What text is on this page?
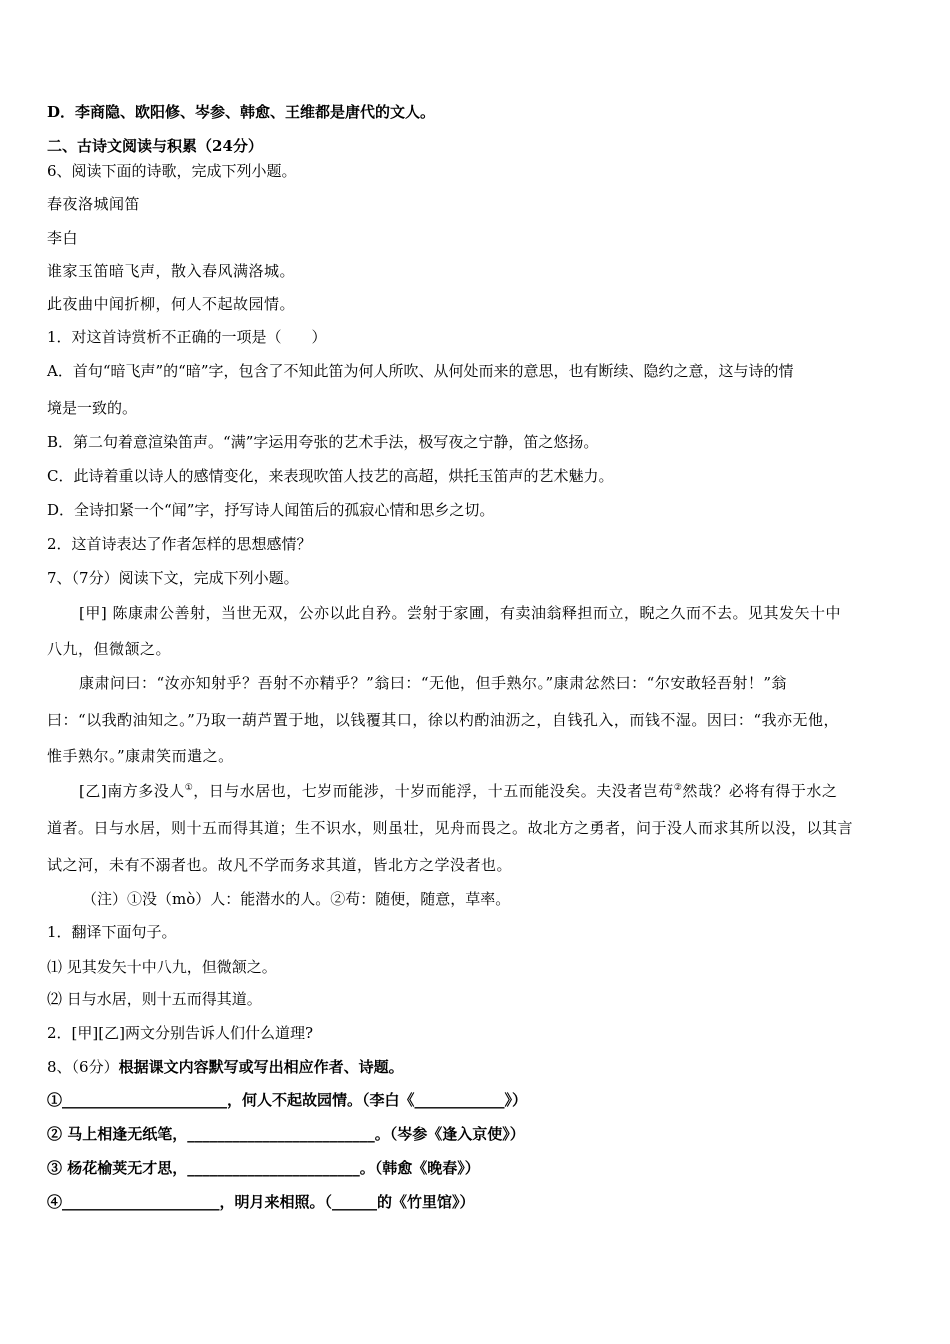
D．李商隐、欧阳修、岑参、韩愈、王维都是唐代的文人。
二、古诗文阅读与积累（24分）
6、阅读下面的诗歌，完成下列小题。
春夜洛城闻笛
李白
谁家玉笛暗飞声，散入春风满洛城。
此夜曲中闻折柳，何人不起故园情。
1．对这首诗赏析不正确的一项是（　　）
A．首句“暗飞声”的“暗”字，包含了不知此笛为何人所吹、从何处而来的意思，也有断续、隐约之意，这与诗的情
境是一致的。
B．第二句着意渲染笛声。“满”字运用夸张的艺术手法，极写夜之宁静，笛之悠扬。
C．此诗着重以诗人的感情变化，来表现吹笛人技艺的高超，烘托玉笛声的艺术魅力。
D．全诗扣紧一个“闻”字，抒写诗人闻笛后的孤寂心情和思乡之切。
2．这首诗表达了作者怎样的思想感情？
7、（7分）阅读下文，完成下列小题。
[甲] 陈康肃公善射，当世无双，公亦以此自矜。尝射于家圃，有卖油翁释担而立，睨之久而不去。见其发矢十中
八九，但微颔之。
康肃问曰：“汝亦知射乎？吾射不亦精乎？”翁曰：“无他，但手熟尔。”康肃忿然曰：“尔安敢轻吾射！”翁
曰：“以我酌油知之。”乃取一葫芦置于地，以钱覆其口，徐以杓酌油沥之，自钱孔入，而钱不湿。因曰：“我亦无他，
惟手熟尔。”康肃笑而遣之。
[乙]南方多没人①，日与水居也，七岁而能涉，十岁而能浮，十五而能没矣。夫没者岂苟②然哉？必将有得于水之
道者。日与水居，则十五而得其道；生不识水，则虽壮，见舟而畏之。故北方之勇者，问于没人而求其所以没，以其言
试之河，未有不溺者也。故凡不学而务求其道，皆北方之学没者也。
（注）①没（mò）人：能潜水的人。②苟：随便，随意，草率。
1．翻译下面句子。
⑴ 见其发矢十中八九，但微颔之。
⑵ 日与水居，则十五而得其道。
2．[甲][乙]两文分别告诉人们什么道理?
8、（6分）根据课文内容默写或写出相应作者、诗题。
①______________________，何人不起故园情。（李白《____________》）
② 马上相逢无纸笔，_________________________。（岑参《逢入京使》）
③ 杨花榆荚无才思，_______________________。（韩愈《晚春》）
④_____________________，明月来相照。（______的《竹里馆》）
